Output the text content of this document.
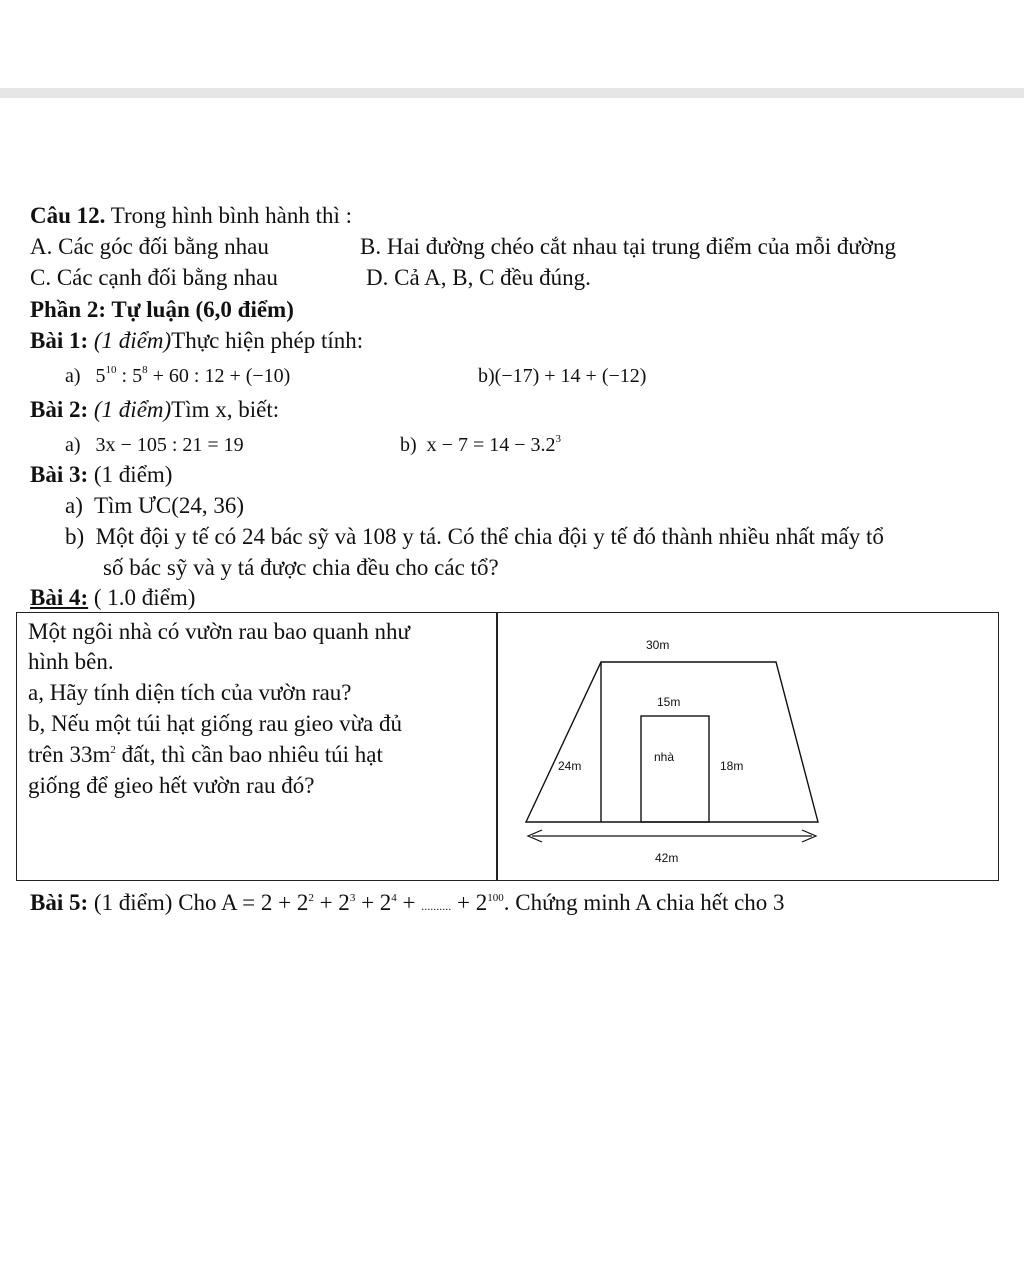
Câu 12. Trong hình bình hành thì :
A. Các góc đối bằng nhau	B. Hai đường chéo cắt nhau tại trung điểm của mỗi đường
C. Các cạnh đối bằng nhau	D. Cả A, B, C đều đúng.
Phần 2: Tự luận (6,0 điểm)
Bài 1: (1 điểm)Thực hiện phép tính:
a) $5^{10}$ : $5^8 + 60$ : 12 + (−10)	b)(−17) + 14 + (−12)
Bài 2: (1 điểm)Tìm x, biết:
a) 3x − 105 : 21 = 19	b) $x - 7 = 14 - 3.2^3$
Bài 3: (1 điểm)
a) Tìm ƯC(24, 36)
b) Một đội y tế có 24 bác sỹ và 108 y tá. Có thể chia đội y tế đó thành nhiều nhất mấy tổ
số bác sỹ và y tá được chia đều cho các tổ?
Bài 4: ( 1.0 điểm)
Một ngôi nhà có vườn rau bao quanh như
hình bên.
a, Hãy tính diện tích của vườn rau?
b, Nếu một túi hạt giống rau gieo vừa đủ
trên $33m^2$ đất, thì cần bao nhiêu túi hạt
giống để gieo hết vườn rau đó?
30m
15m
nhà
24m	18m
42m
Bài 5: (1 điểm) Cho $A = 2 + 2^2 + 2^3 + 2^4$ + .......... + $2^{100}$. Chứng minh A chia hết cho 3
